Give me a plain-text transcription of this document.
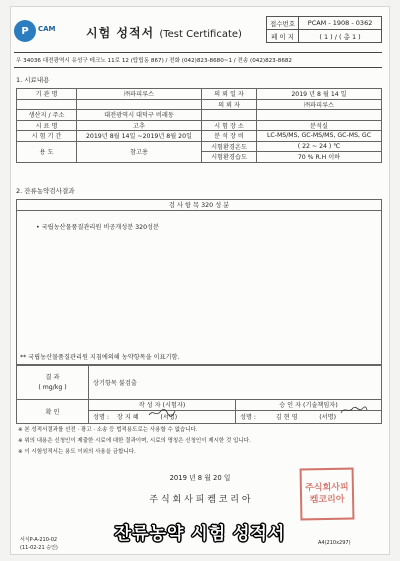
P	CAM	시험 성적서 (Test Certificate)
접수번호	PCAM - 1908 - 0362
페 이 지	( 1 ) / ( 총 1 )
우 34036 대전광역시 유성구 테크노 11로 12 (탑립동 867) / 전화 (042)823-8680~1 / 전송 (042)823-8682
1. 시료내용
기 관 명	㈜파피루스	의 뢰 일 자	2019 년 8 월 14 일
		의 뢰 자	㈜파피루스
생산지 / 주소	대전광역시 대덕구 비래동		
시 료 명	고추	시 험 장 소	분석실
시 험 기 간	2019년 8월 14일 ~2019년 8월 20일	분 석 장 비	LC-MS/MS, GC-MS/MS, GC-MS, GC
용 도	참고용	시험환경온도	( 22 ~ 24 ) ℃
		시험환경습도	70 % R.H 이하
2. 잔류농약검사결과
검 사 항 목 320 성 분
• 국립농산물품질관리원 비공개성분 320성분
** 국립농산물품질관리원 지침에의해 농약항목을 이표기함.
결 과
( mg/kg )	상기항목 불검출	
확 인	작 성 자 (시험자)	승 인 자 (기술책임자)
	성명 : 장 지 혜 (서명)	성명 : 김 현 영 (서명)
※ 본 성적서결과를 선전 · 광고 · 소송 등 법적용도로는 사용할 수 없습니다.
※ 위의 내용은 신청인이 제출한 시료에 대한 결과이며, 시료의 명칭은 신청인이 제시한 것 입니다.
※ 이 시험성적서는 용도 이외의 사용을 금합니다.
2019 년 8 월 20 일
주 식 회 사 피 켐 코 리 아
주식회사피켐코리아
서식P-A-210-02
(11-02-21 승인)
A4(210x297)
잔류농약 시험 성적서
